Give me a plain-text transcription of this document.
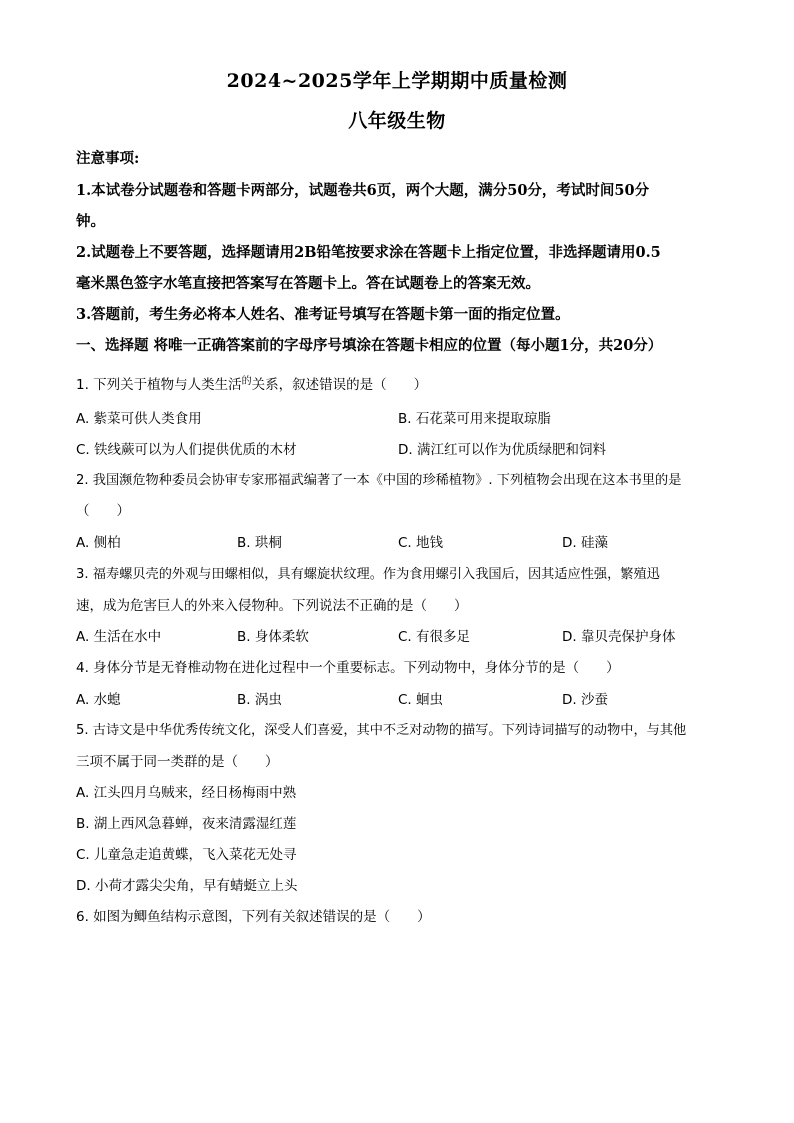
2024~2025学年上学期期中质量检测
八年级生物
注意事项:
1.本试卷分试题卷和答题卡两部分，试题卷共6页，两个大题，满分50分，考试时间50分
钟。
2.试题卷上不要答题，选择题请用2B铅笔按要求涂在答题卡上指定位置，非选择题请用0.5
毫米黑色签字水笔直接把答案写在答题卡上。答在试题卷上的答案无效。
3.答题前，考生务必将本人姓名、准考证号填写在答题卡第一面的指定位置。
一、选择题 将唯一正确答案前的字母序号填涂在答题卡相应的位置（每小题1分，共20分）
1. 下列关于植物与人类生活$^的$关系，叙述错误的是（　　）
A. 紫菜可供人类食用	B. 石花菜可用来提取琼脂
C. 铁线蕨可以为人们提供优质的木材	D. 满江红可以作为优质绿肥和饲料
2. 我国濒危物种委员会协审专家邢福武编著了一本《中国的珍稀植物》. 下列植物会出现在这本书里的是
（　　）
A. 侧柏	B. 珙桐	C. 地钱	D. 硅藻
3. 福寿螺贝壳的外观与田螺相似，具有螺旋状纹理。作为食用螺引入我国后，因其适应性强，繁殖迅
速，成为危害巨人的外来入侵物种。下列说法不正确的是（　　）
A. 生活在水中	B. 身体柔软	C. 有很多足	D. 靠贝壳保护身体
4. 身体分节是无脊椎动物在进化过程中一个重要标志。下列动物中，身体分节的是（　　）
A. 水螅	B. 涡虫	C. 蛔虫	D. 沙蚕
5. 古诗文是中华优秀传统文化，深受人们喜爱，其中不乏对动物的描写。下列诗词描写的动物中，与其他
三项不属于同一类群的是（　　）
A. 江头四月乌贼来，经日杨梅雨中熟
B. 湖上西风急暮蝉，夜来清露湿红莲
C. 儿童急走追黄蝶，飞入菜花无处寻
D. 小荷才露尖尖角，早有蜻蜓立上头
6. 如图为鲫鱼结构示意图，下列有关叙述错误的是（　　）
